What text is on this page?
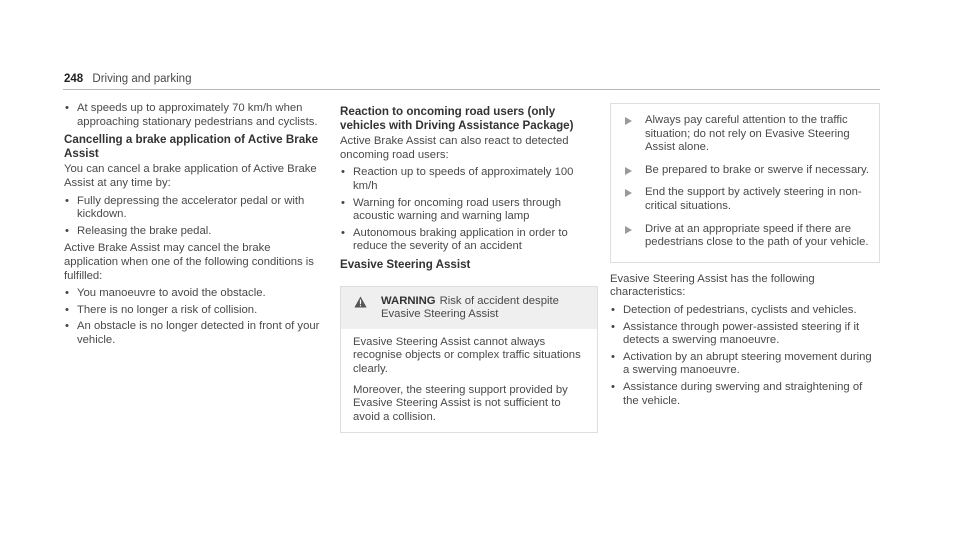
248 Driving and parking
• At speeds up to approximately 70 km/h when approaching stationary pedestrians and cyclists.
Cancelling a brake application of Active Brake Assist

You can cancel a brake application of Active Brake Assist at any time by:

• Fully depressing the accelerator pedal or with kickdown.
• Releasing the brake pedal.

Active Brake Assist may cancel the brake application when one of the following conditions is fulfilled:

• You manoeuvre to avoid the obstacle.
• There is no longer a risk of collision.
• An obstacle is no longer detected in front of your vehicle.
Reaction to oncoming road users (only vehicles with Driving Assistance Package)

Active Brake Assist can also react to detected oncoming road users:

• Reaction up to speeds of approximately 100 km/h
• Warning for oncoming road users through acoustic warning and warning lamp
• Autonomous braking application in order to reduce the severity of an accident
Evasive Steering Assist
WARNING Risk of accident despite Evasive Steering Assist

Evasive Steering Assist cannot always recognise objects or complex traffic situations clearly.

Moreover, the steering support provided by Evasive Steering Assist is not sufficient to avoid a collision.

Always pay careful attention to the traffic situation; do not rely on Evasive Steering Assist alone.
Be prepared to brake or swerve if necessary.
End the support by actively steering in non-critical situations.
Drive at an appropriate speed if there are pedestrians close to the path of your vehicle.

Evasive Steering Assist has the following characteristics:

• Detection of pedestrians, cyclists and vehicles.
• Assistance through power-assisted steering if it detects a swerving manoeuvre.
• Activation by an abrupt steering movement during a swerving manoeuvre.
• Assistance during swerving and straightening of the vehicle.
